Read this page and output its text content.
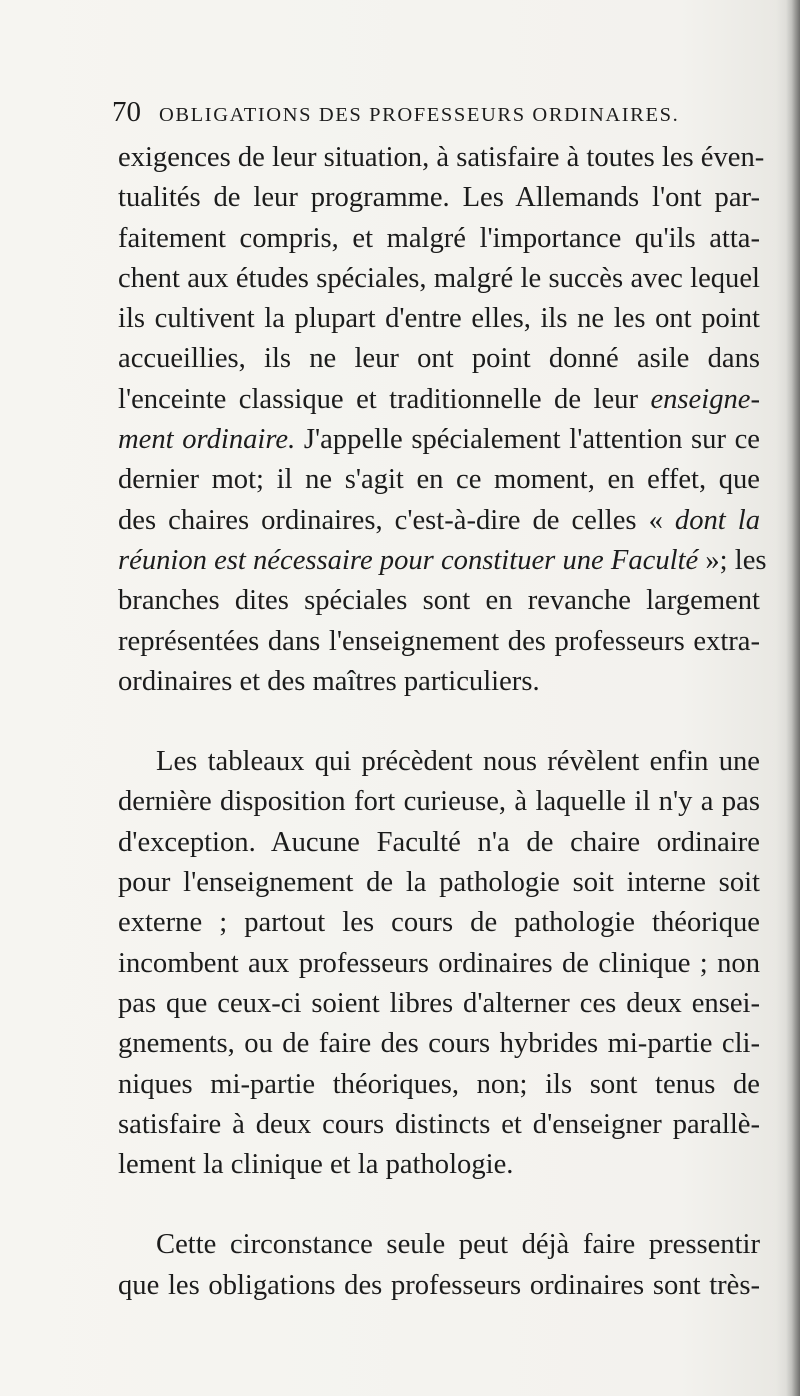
70 OBLIGATIONS DES PROFESSEURS ORDINAIRES.
exigences de leur situation, à satisfaire à toutes les éven-
tualités de leur programme. Les Allemands l'ont par-
faitement compris, et malgré l'importance qu'ils atta-
chent aux études spéciales, malgré le succès avec lequel
ils cultivent la plupart d'entre elles, ils ne les ont point
accueillies, ils ne leur ont point donné asile dans
l'enceinte classique et traditionnelle de leur enseigne-
ment ordinaire. J'appelle spécialement l'attention sur ce
dernier mot; il ne s'agit en ce moment, en effet, que
des chaires ordinaires, c'est-à-dire de celles « dont la
réunion est nécessaire pour constituer une Faculté »; les
branches dites spéciales sont en revanche largement
représentées dans l'enseignement des professeurs extra-
ordinaires et des maîtres particuliers.
Les tableaux qui précèdent nous révèlent enfin une
dernière disposition fort curieuse, à laquelle il n'y a pas
d'exception. Aucune Faculté n'a de chaire ordinaire
pour l'enseignement de la pathologie soit interne soit
externe ; partout les cours de pathologie théorique
incombent aux professeurs ordinaires de clinique ; non
pas que ceux-ci soient libres d'alterner ces deux ensei-
gnements, ou de faire des cours hybrides mi-partie cli-
niques mi-partie théoriques, non; ils sont tenus de
satisfaire à deux cours distincts et d'enseigner parallè-
lement la clinique et la pathologie.
Cette circonstance seule peut déjà faire pressentir
que les obligations des professeurs ordinaires sont très-
